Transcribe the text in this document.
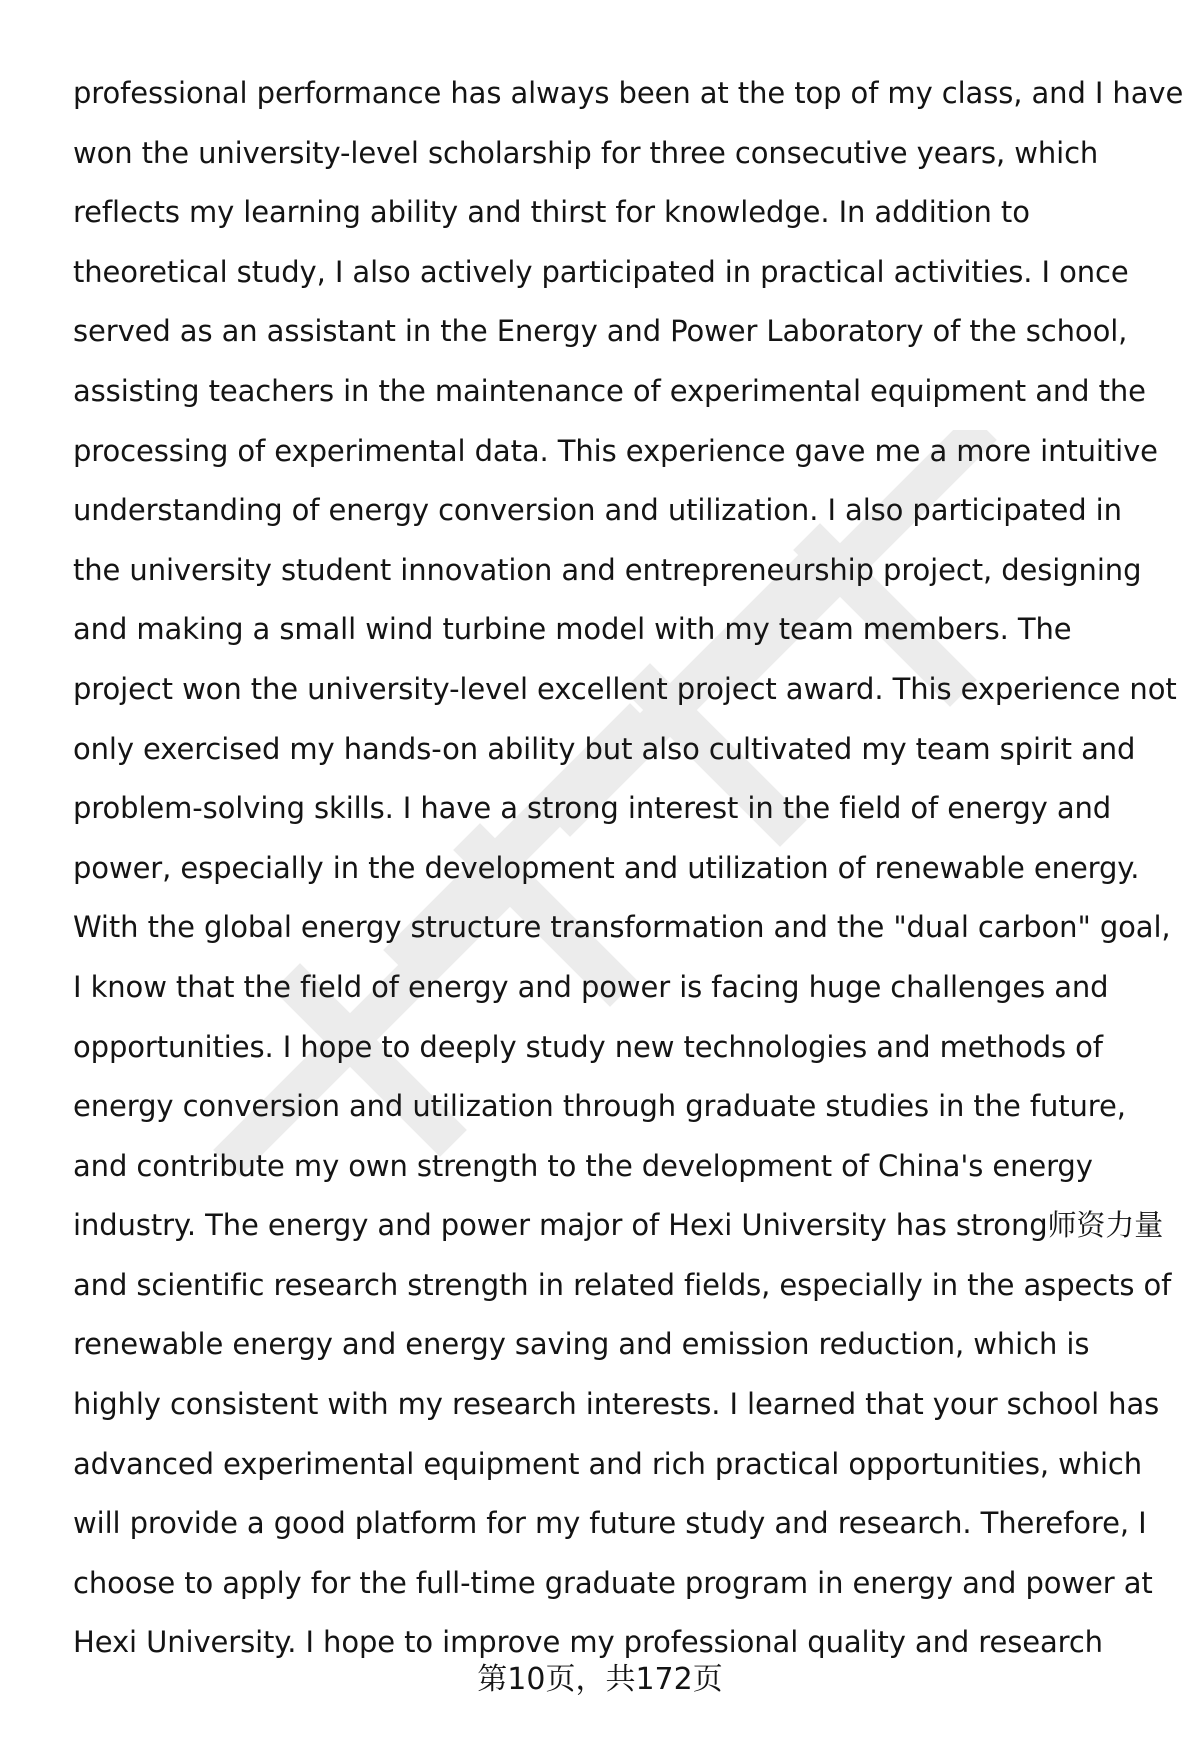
professional performance has always been at the top of my class, and I have
won the university-level scholarship for three consecutive years, which
reflects my learning ability and thirst for knowledge. In addition to
theoretical study, I also actively participated in practical activities. I once
served as an assistant in the Energy and Power Laboratory of the school,
assisting teachers in the maintenance of experimental equipment and the
processing of experimental data. This experience gave me a more intuitive
understanding of energy conversion and utilization. I also participated in
the university student innovation and entrepreneurship project, designing
and making a small wind turbine model with my team members. The
project won the university-level excellent project award. This experience not
only exercised my hands-on ability but also cultivated my team spirit and
problem-solving skills. I have a strong interest in the field of energy and
power, especially in the development and utilization of renewable energy.
With the global energy structure transformation and the "dual carbon" goal,
I know that the field of energy and power is facing huge challenges and
opportunities. I hope to deeply study new technologies and methods of
energy conversion and utilization through graduate studies in the future,
and contribute my own strength to the development of China's energy
industry. The energy and power major of Hexi University has strong师资力量
and scientific research strength in related fields, especially in the aspects of
renewable energy and energy saving and emission reduction, which is
highly consistent with my research interests. I learned that your school has
advanced experimental equipment and rich practical opportunities, which
will provide a good platform for my future study and research. Therefore, I
choose to apply for the full-time graduate program in energy and power at
Hexi University. I hope to improve my professional quality and research
第10页，共172页
